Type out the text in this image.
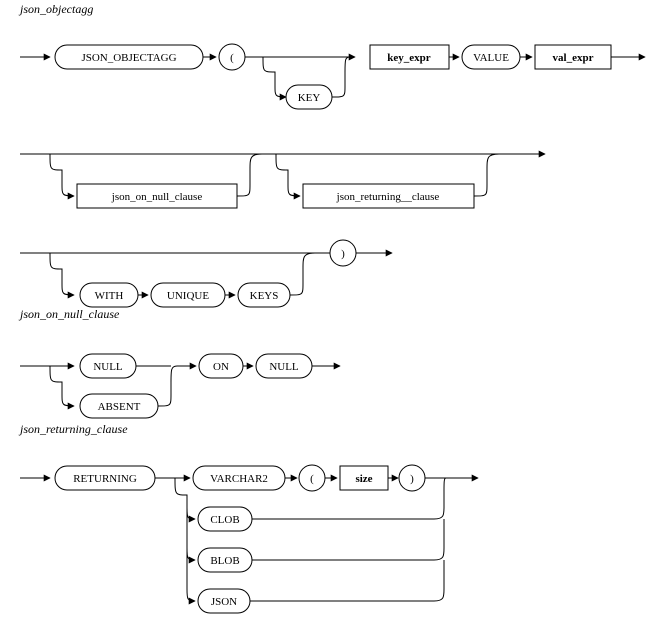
json_objectagg
json_on_null_clause
json_returning_clause
JSON_OBJECTAGG	(
KEY
key_expr	VALUE	val_expr
json_on_null_clause	json_returning__clause
)
WITH	UNIQUE	KEYS
NULL
ABSENT
ON	NULL
RETURNING	VARCHAR2	(	size	)
CLOB
BLOB
JSON
